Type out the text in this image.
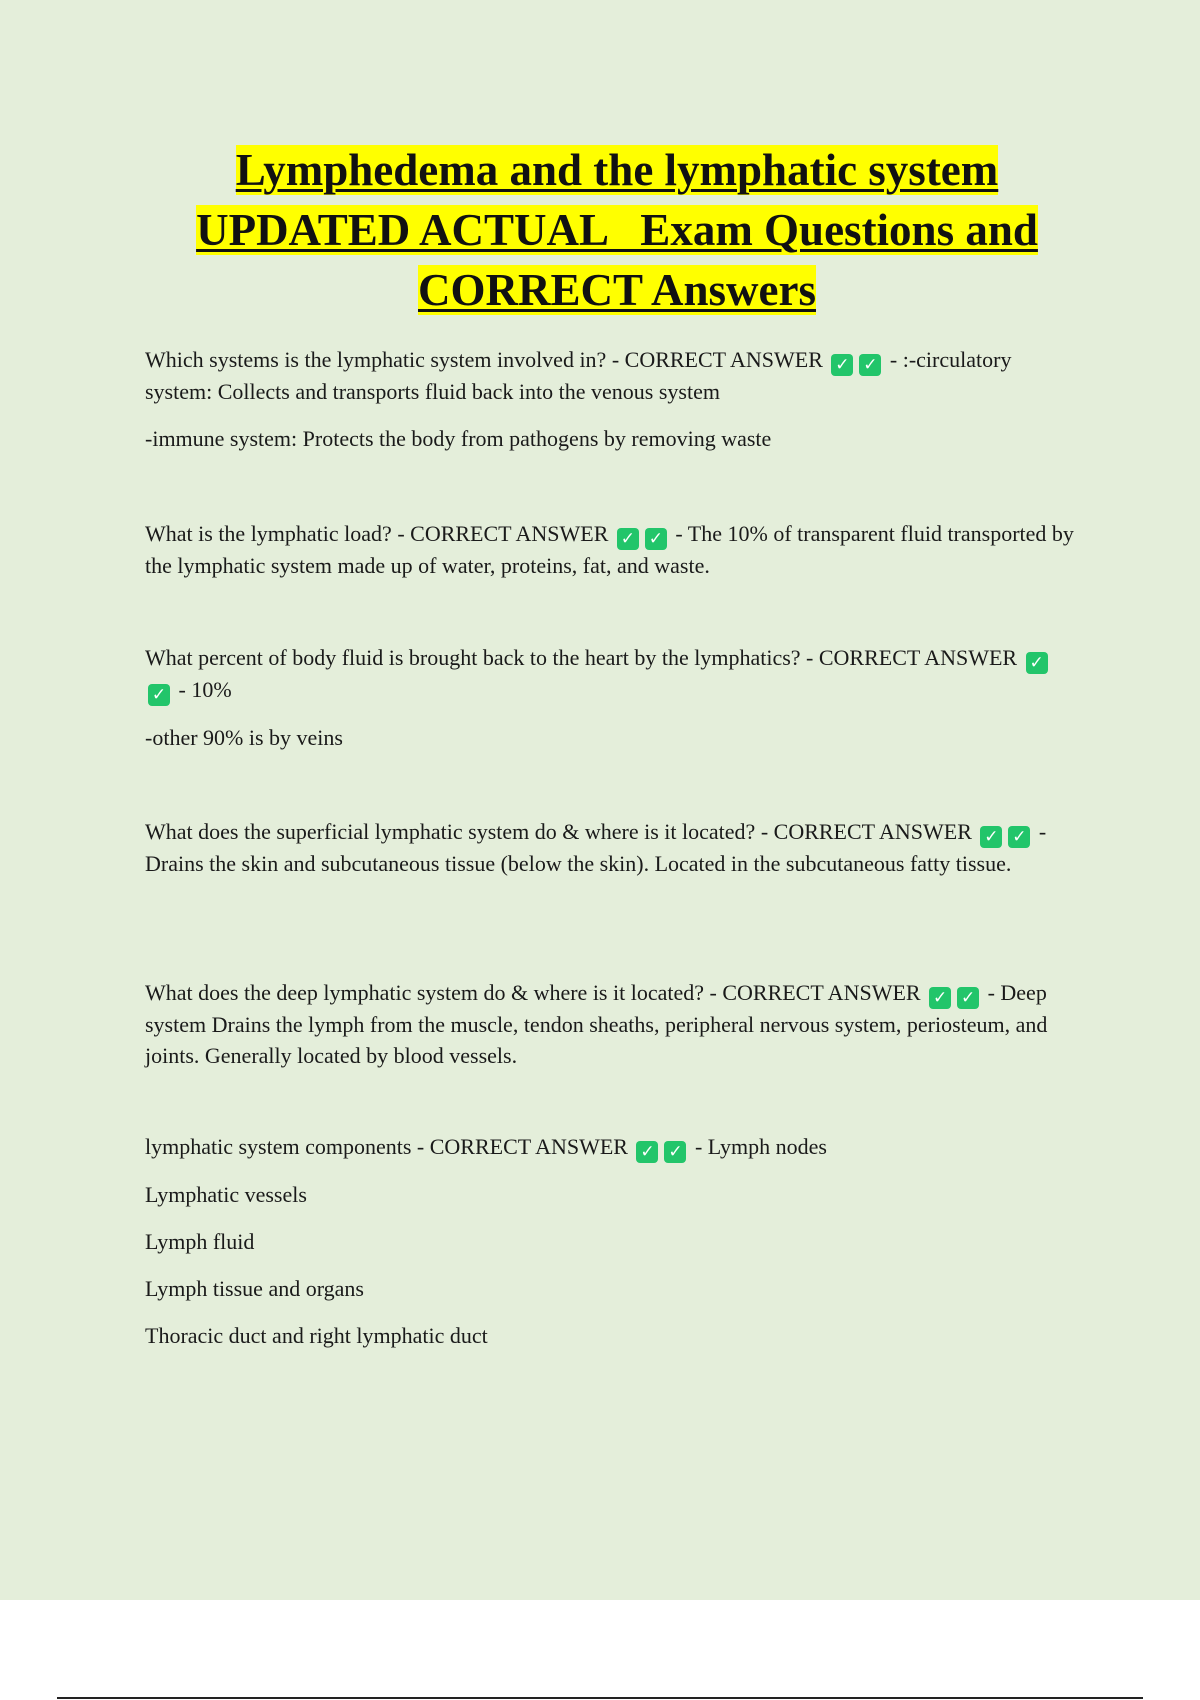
Lymphedema and the lymphatic system
UPDATED ACTUAL   Exam Questions and
CORRECT Answers

Which systems is the lymphatic system involved in? - CORRECT ANSWER ✓ ✓ - :-circulatory system: Collects and transports fluid back into the venous system

-immune system: Protects the body from pathogens by removing waste

What is the lymphatic load? - CORRECT ANSWER ✓ ✓ - The 10% of transparent fluid transported by the lymphatic system made up of water, proteins, fat, and waste.

What percent of body fluid is brought back to the heart by the lymphatics? - CORRECT ANSWER ✓✓ - 10%

-other 90% is by veins

What does the superficial lymphatic system do & where is it located? - CORRECT ANSWER ✓ ✓ - Drains the skin and subcutaneous tissue (below the skin). Located in the subcutaneous fatty tissue.

What does the deep lymphatic system do & where is it located? - CORRECT ANSWER ✓ ✓ - Deep system Drains the lymph from the muscle, tendon sheaths, peripheral nervous system, periosteum, and joints. Generally located by blood vessels.

lymphatic system components - CORRECT ANSWER ✓ ✓ - Lymph nodes

Lymphatic vessels

Lymph fluid

Lymph tissue and organs

Thoracic duct and right lymphatic duct
